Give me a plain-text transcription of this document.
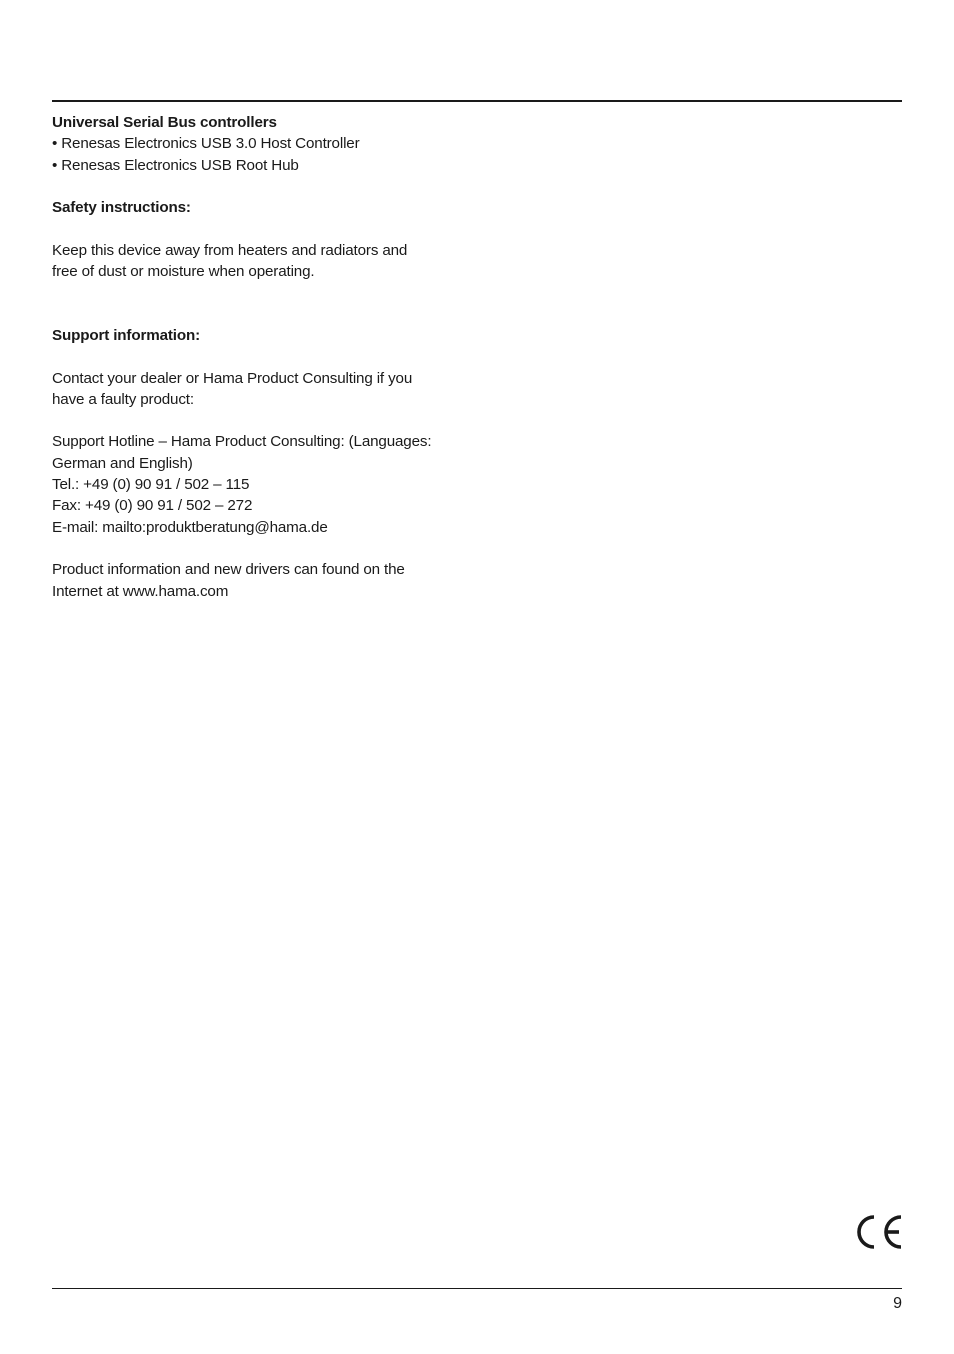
Universal Serial Bus controllers

• Renesas Electronics USB 3.0 Host Controller

• Renesas Electronics USB Root Hub

Safety instructions:

Keep this device away from heaters and radiators and

free of dust or moisture when operating.

Support information:

Contact your dealer or Hama Product Consulting if you

have a faulty product:

Support Hotline – Hama Product Consulting: (Languages:

German and English)

Tel.: +49 (0) 90 91 / 502 – 115

Fax: +49 (0) 90 91 / 502 – 272

E-mail: mailto:produktberatung@hama.de

Product information and new drivers can found on the

Internet at www.hama.com

9
